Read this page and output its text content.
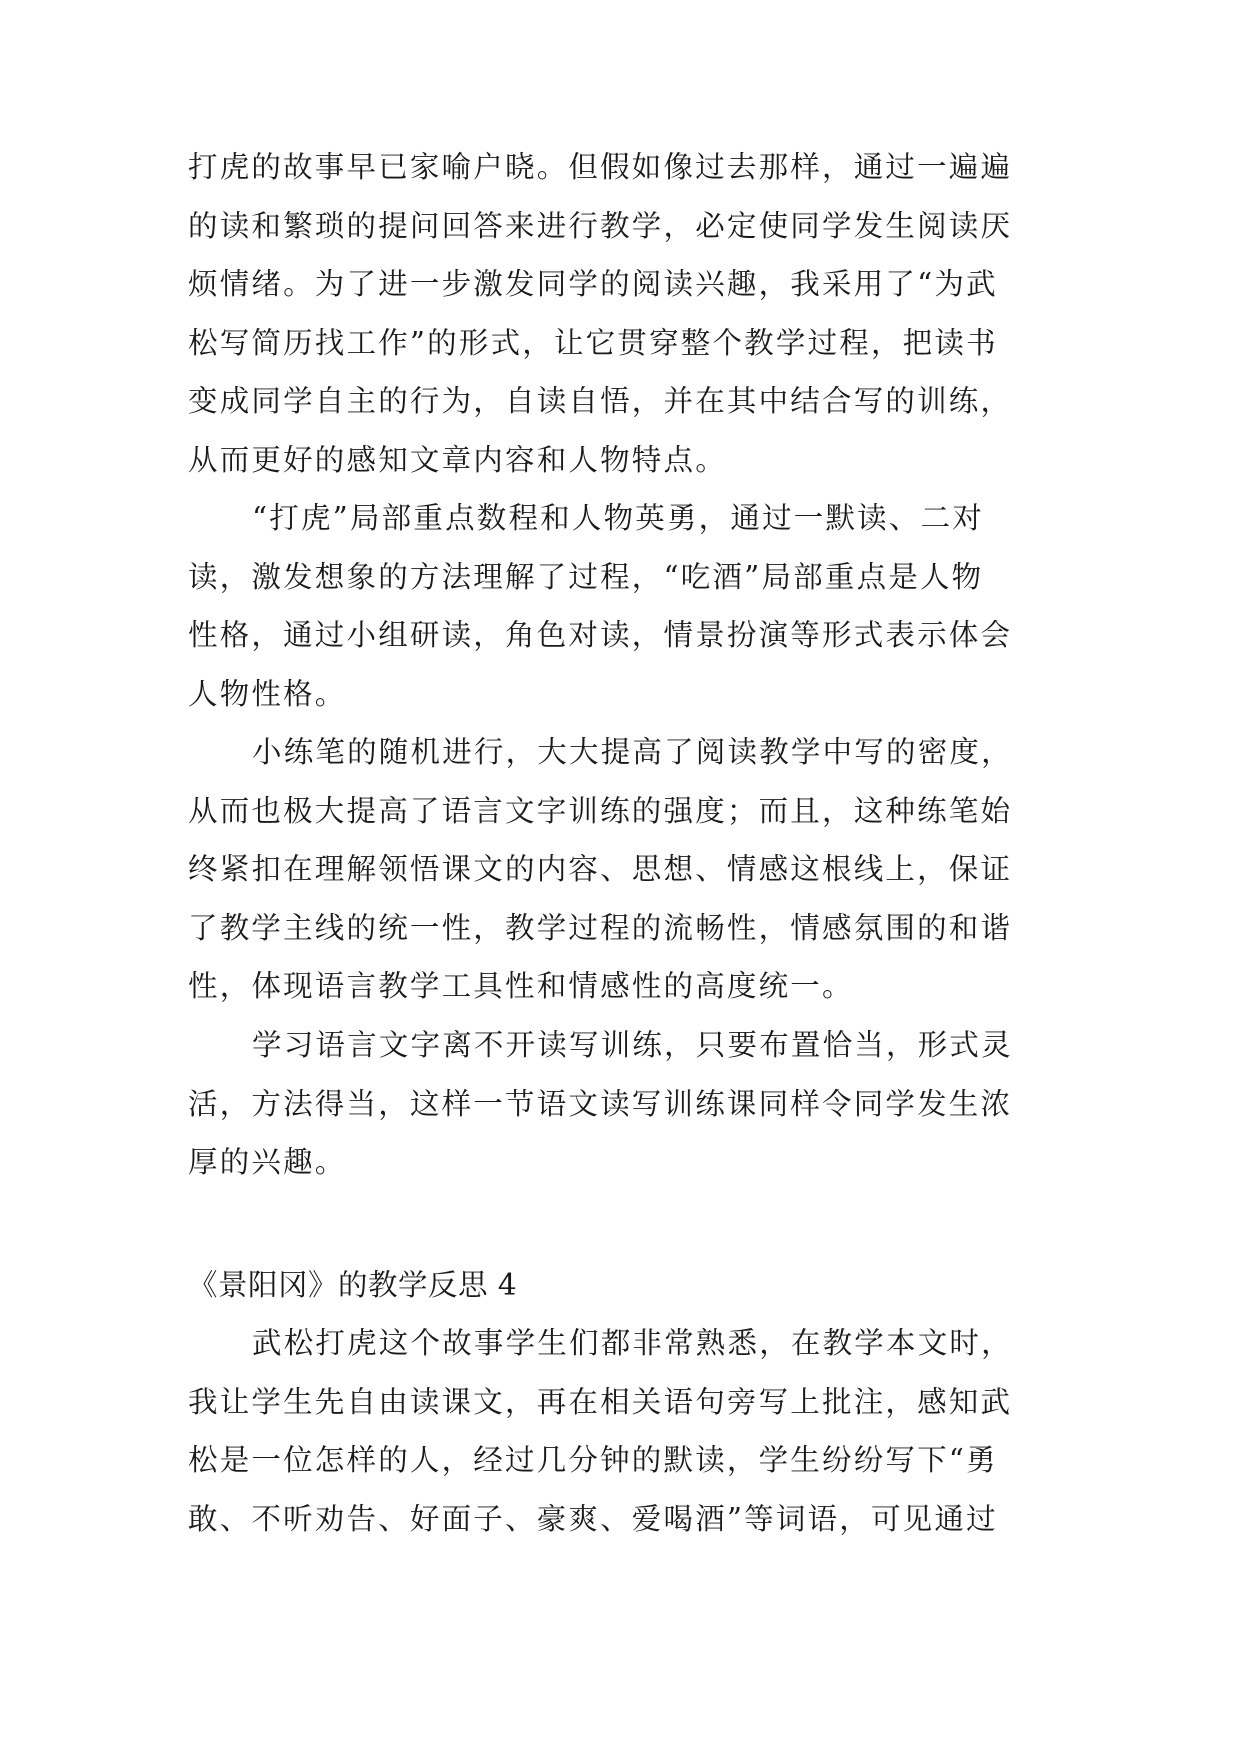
打虎的故事早已家喻户晓。但假如像过去那样，通过一遍遍
的读和繁琐的提问回答来进行教学，必定使同学发生阅读厌
烦情绪。为了进一步激发同学的阅读兴趣，我采用了“为武
松写简历找工作”的形式，让它贯穿整个教学过程，把读书
变成同学自主的行为，自读自悟，并在其中结合写的训练，
从而更好的感知文章内容和人物特点。
“打虎”局部重点数程和人物英勇，通过一默读、二对
读，激发想象的方法理解了过程，“吃酒”局部重点是人物
性格，通过小组研读，角色对读，情景扮演等形式表示体会
人物性格。
小练笔的随机进行，大大提高了阅读教学中写的密度，
从而也极大提高了语言文字训练的强度；而且，这种练笔始
终紧扣在理解领悟课文的内容、思想、情感这根线上，保证
了教学主线的统一性，教学过程的流畅性，情感氛围的和谐
性，体现语言教学工具性和情感性的高度统一。
学习语言文字离不开读写训练，只要布置恰当，形式灵
活，方法得当，这样一节语文读写训练课同样令同学发生浓
厚的兴趣。
《景阳冈》的教学反思 4
武松打虎这个故事学生们都非常熟悉，在教学本文时，
我让学生先自由读课文，再在相关语句旁写上批注，感知武
松是一位怎样的人，经过几分钟的默读，学生纷纷写下“勇
敢、不听劝告、好面子、豪爽、爱喝酒”等词语，可见通过
